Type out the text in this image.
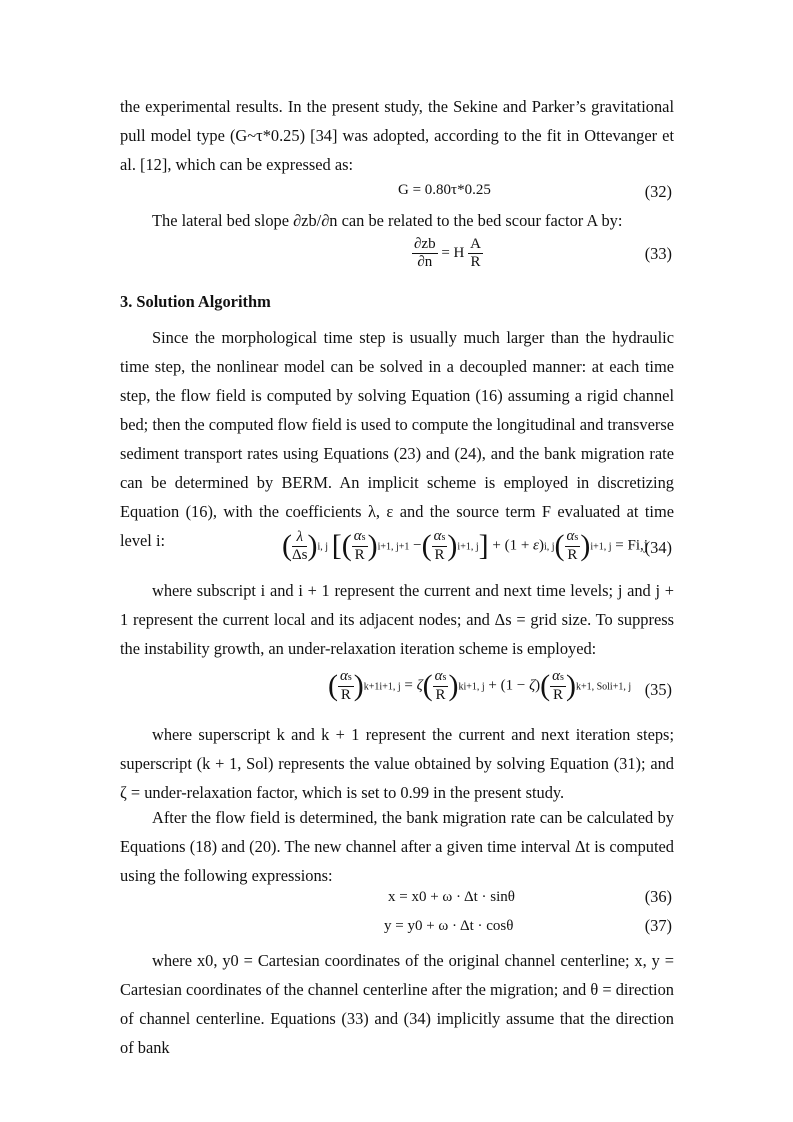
the experimental results. In the present study, the Sekine and Parker’s gravitational pull model type (G~τ*0.25) [34] was adopted, according to the fit in Ottevanger et al. [12], which can be expressed as:
G = 0.80τ*0.25	(32)
The lateral bed slope ∂zb/∂n can be related to the bed scour factor A by:
$\frac{\partial zb}{\partial n} = H \frac{A}{R}$	(33)
3. Solution Algorithm
Since the morphological time step is usually much larger than the hydraulic time step, the nonlinear model can be solved in a decoupled manner: at each time step, the flow field is computed by solving Equation (16) assuming a rigid channel bed; then the computed flow field is used to compute the longitudinal and transverse sediment transport rates using Equations (23) and (24), and the bank migration rate can be determined by BERM. An implicit scheme is employed in discretizing Equation (16), with the coefficients λ, ε and the source term F evaluated at time level i:	( $\frac{\lambda}{\Delta s} )i$, j [( $\frac{\alpha s}{R} )i+1$, j+1 −( $\frac{\alpha s}{R} )i+1$, j] + (1 + ε)i, $j( \frac{\alpha s}{R} )i+1$, j = Fi,j
(34)
where subscript i and i + 1 represent the current and next time levels; j and j + 1 represent the current local and its adjacent nodes; and Δs = grid size. To suppress the instability growth, an under-relaxation iteration scheme is employed:
( $\frac{\alpha s}{R} )k+1i+1$, $j = \zeta( \frac{\alpha s}{R} )ki+1$, $j + (1 - \zeta)( \frac{\alpha s}{R} )k+1$, Soli+1, j (35)
where superscript k and k + 1 represent the current and next iteration steps; superscript (k + 1, Sol) represents the value obtained by solving Equation (31); and ζ = under-relaxation factor, which is set to 0.99 in the present study.
After the flow field is determined, the bank migration rate can be calculated by Equations (18) and (20). The new channel after a given time interval Δt is computed using the following expressions:
x = x0 + ω · Δt · sinθ	(36)
y = y0 + ω · Δt · cosθ	(37)
where x0, y0 = Cartesian coordinates of the original channel centerline; x, y = Cartesian coordinates of the channel centerline after the migration; and θ = direction of channel centerline. Equations (33) and (34) implicitly assume that the direction of bank
